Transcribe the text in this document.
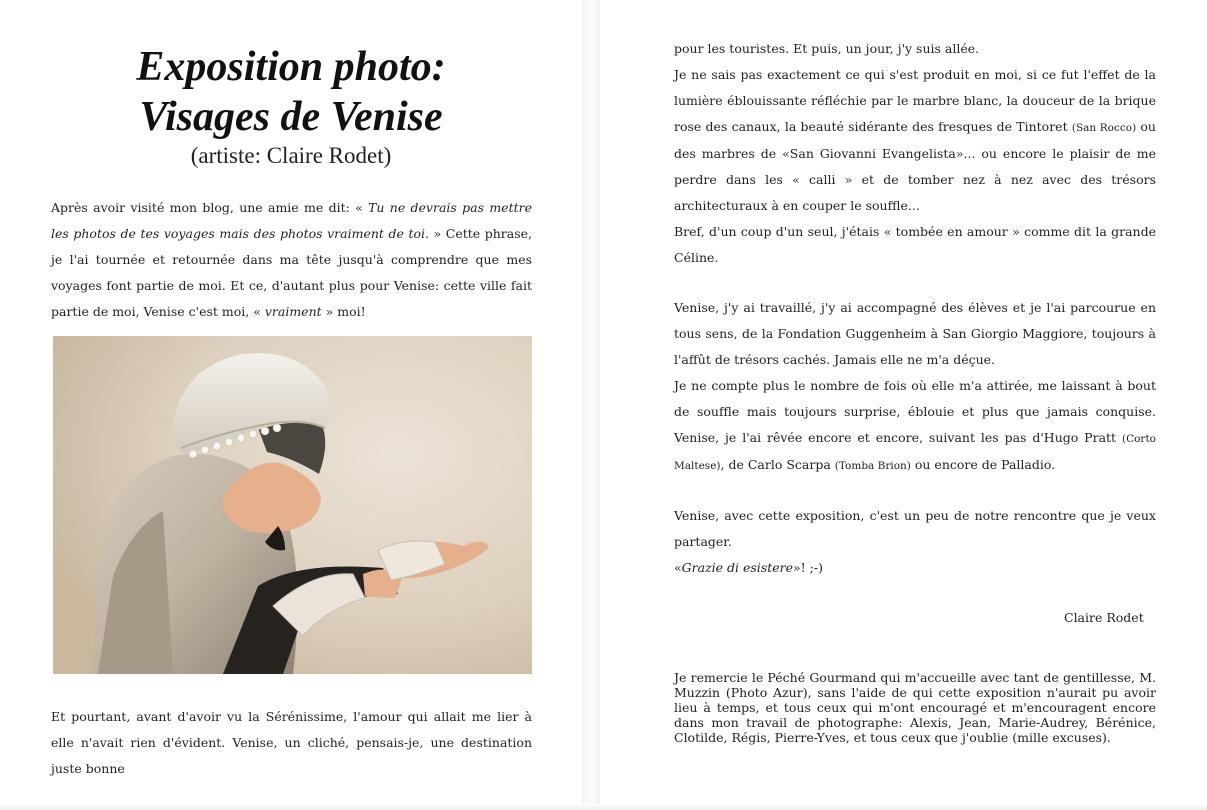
Exposition photo:
Visages de Venise
(artiste: Claire Rodet)

Après avoir visité mon blog, une amie me dit: « Tu ne devrais pas mettre les photos de tes voyages mais des photos vraiment de toi. » Cette phrase, je l'ai tournée et retournée dans ma tête jusqu'à comprendre que mes voyages font partie de moi. Et ce, d'autant plus pour Venise: cette ville fait partie de moi, Venise c'est moi, « vraiment » moi!

Et pourtant, avant d'avoir vu la Sérénissime, l'amour qui allait me lier à elle n'avait rien d'évident. Venise, un cliché, pensais-je, une destination juste bonne

pour les touristes. Et puis, un jour, j'y suis allée.
Je ne sais pas exactement ce qui s'est produit en moi, si ce fut l'effet de la lumière éblouissante réfléchie par le marbre blanc, la douceur de la brique rose des canaux, la beauté sidérante des fresques de Tintoret (San Rocco) ou des marbres de «San Giovanni Evangelista»... ou encore le plaisir de me perdre dans les « calli » et de tomber nez à nez avec des trésors architecturaux à en couper le souffle...
Bref, d'un coup d'un seul, j'étais « tombée en amour » comme dit la grande Céline.

Venise, j'y ai travaillé, j'y ai accompagné des élèves et je l'ai parcourue en tous sens, de la Fondation Guggenheim à San Giorgio Maggiore, toujours à l'affût de trésors cachés. Jamais elle ne m'a déçue.
Je ne compte plus le nombre de fois où elle m'a attirée, me laissant à bout de souffle mais toujours surprise, éblouie et plus que jamais conquise. Venise, je l'ai rêvée encore et encore, suivant les pas d'Hugo Pratt (Corto Maltese), de Carlo Scarpa (Tomba Brion) ou encore de Palladio.

Venise, avec cette exposition, c'est un peu de notre rencontre que je veux partager.
«Grazie di esistere»! ;-)

Claire Rodet

Je remercie le Péché Gourmand qui m'accueille avec tant de gentillesse, M. Muzzin (Photo Azur), sans l'aide de qui cette exposition n'aurait pu avoir lieu à temps, et tous ceux qui m'ont encouragé et m'encouragent encore dans mon travail de photographe: Alexis, Jean, Marie-Audrey, Bérénice, Clotilde, Régis, Pierre-Yves, et tous ceux que j'oublie (mille excuses).
